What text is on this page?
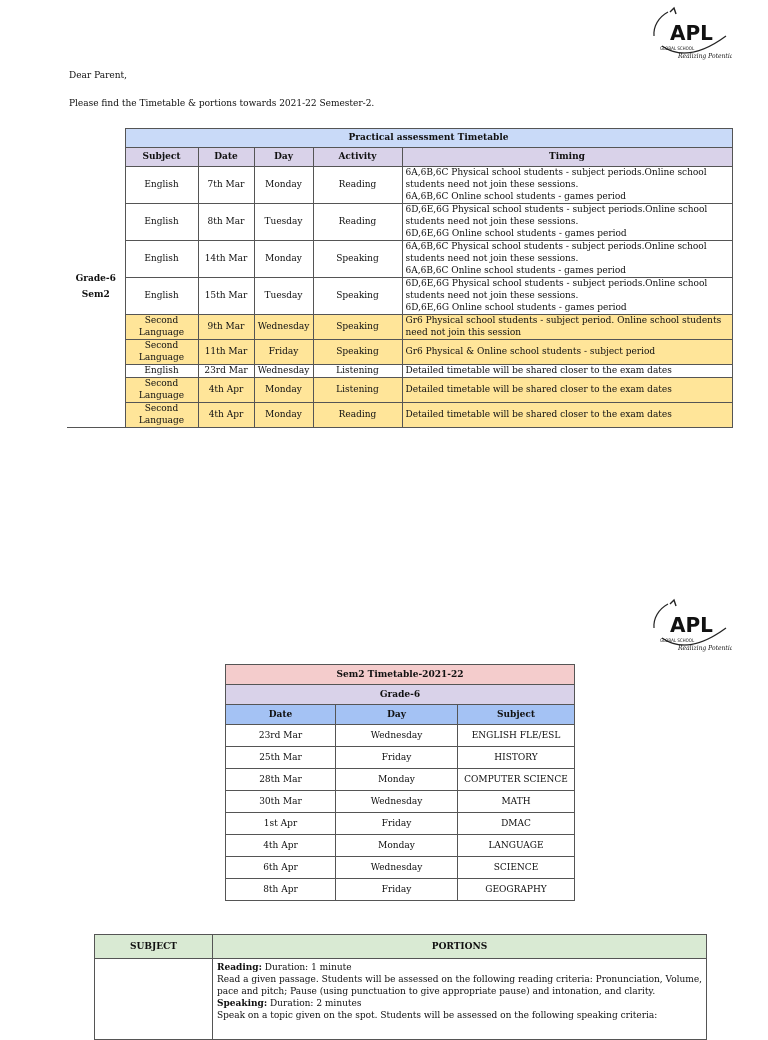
APL
GLOBAL SCHOOL
Realizing Potential
Dear Parent,
Please find the Timetable & portions towards 2021-22 Semester-2.
	Practical assessment Timetable				

Grade-6 Sem2	Subject	Date	Day	Activity	Timing
	English	7th Mar	Monday	Reading	6A,6B,6C Physical school students - subject periods.Online school students need not join these sessions.
6A,6B,6C Online school students - games period
	English	8th Mar	Tuesday	Reading	6D,6E,6G Physical school students - subject periods.Online school students need not join these sessions.
6D,6E,6G Online school students - games period
	English	14th Mar	Monday	Speaking	6A,6B,6C Physical school students - subject periods.Online school students need not join these sessions.
6A,6B,6C Online school students - games period
	English	15th Mar	Tuesday	Speaking	6D,6E,6G Physical school students - subject periods.Online school students need not join these sessions.
6D,6E,6G Online school students - games period
	Second Language	9th Mar	Wednesday	Speaking	Gr6 Physical school students - subject period. Online school students need not join this session
	Second Language	11th Mar	Friday	Speaking	Gr6 Physical & Online school students - subject period
	English	23rd Mar	Wednesday	Listening	Detailed timetable will be shared closer to the exam dates
	Second Language	4th Apr	Monday	Listening	Detailed timetable will be shared closer to the exam dates
	Second Language	4th Apr	Monday	Reading	Detailed timetable will be shared closer to the exam dates
APL
GLOBAL SCHOOL
Realizing Potential
Sem2 Timetable-2021-22		
Grade-6		
Date	Day	Subject
23rd Mar	Wednesday	ENGLISH FLE/ESL
25th Mar	Friday	HISTORY
28th Mar	Monday	COMPUTER SCIENCE
30th Mar	Wednesday	MATH
1st Apr	Friday	DMAC
4th Apr	Monday	LANGUAGE
6th Apr	Wednesday	SCIENCE
8th Apr	Friday	GEOGRAPHY
SUBJECT	PORTIONS
	Reading: Duration: 1 minute
Read a given passage. Students will be assessed on the following reading criteria: Pronunciation, Volume, pace and pitch; Pause (using punctuation to give appropriate pause) and intonation, and clarity.
Speaking: Duration: 2 minutes
Speak on a topic given on the spot. Students will be assessed on the following speaking criteria:
